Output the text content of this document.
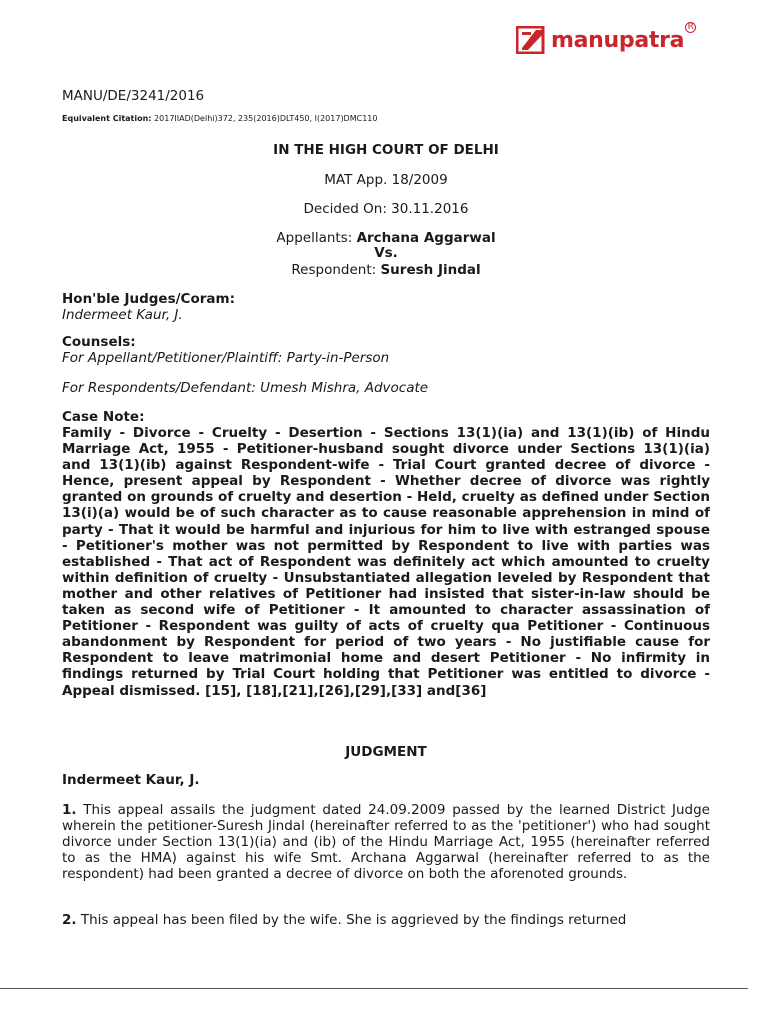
manupatra
R
MANU/DE/3241/2016
Equivalent Citation: 2017IIAD(Delhi)372, 235(2016)DLT450, I(2017)DMC110
IN THE HIGH COURT OF DELHI
MAT App. 18/2009
Decided On: 30.11.2016
Appellants: Archana Aggarwal
Vs.
Respondent: Suresh Jindal
Hon'ble Judges/Coram:
Indermeet Kaur, J.
Counsels:
For Appellant/Petitioner/Plaintiff: Party-in-Person
For Respondents/Defendant: Umesh Mishra, Advocate
Case Note:
Family - Divorce - Cruelty - Desertion - Sections 13(1)(ia) and 13(1)(ib) of Hindu Marriage Act, 1955 - Petitioner-husband sought divorce under Sections 13(1)(ia) and 13(1)(ib) against Respondent-wife - Trial Court granted decree of divorce - Hence, present appeal by Respondent - Whether decree of divorce was rightly granted on grounds of cruelty and desertion - Held, cruelty as defined under Section 13(i)(a) would be of such character as to cause reasonable apprehension in mind of party - That it would be harmful and injurious for him to live with estranged spouse - Petitioner's mother was not permitted by Respondent to live with parties was established - That act of Respondent was definitely act which amounted to cruelty within definition of cruelty - Unsubstantiated allegation leveled by Respondent that mother and other relatives of Petitioner had insisted that sister-in-law should be taken as second wife of Petitioner - It amounted to character assassination of Petitioner - Respondent was guilty of acts of cruelty qua Petitioner - Continuous abandonment by Respondent for period of two years - No justifiable cause for Respondent to leave matrimonial home and desert Petitioner - No infirmity in findings returned by Trial Court holding that Petitioner was entitled to divorce - Appeal dismissed. [15], [18],[21],[26],[29],[33] and[36]
JUDGMENT
Indermeet Kaur, J.
1. This appeal assails the judgment dated 24.09.2009 passed by the learned District Judge wherein the petitioner-Suresh Jindal (hereinafter referred to as the 'petitioner') who had sought divorce under Section 13(1)(ia) and (ib) of the Hindu Marriage Act, 1955 (hereinafter referred to as the HMA) against his wife Smt. Archana Aggarwal (hereinafter referred to as the respondent) had been granted a decree of divorce on both the aforenoted grounds.
2. This appeal has been filed by the wife. She is aggrieved by the findings returned
